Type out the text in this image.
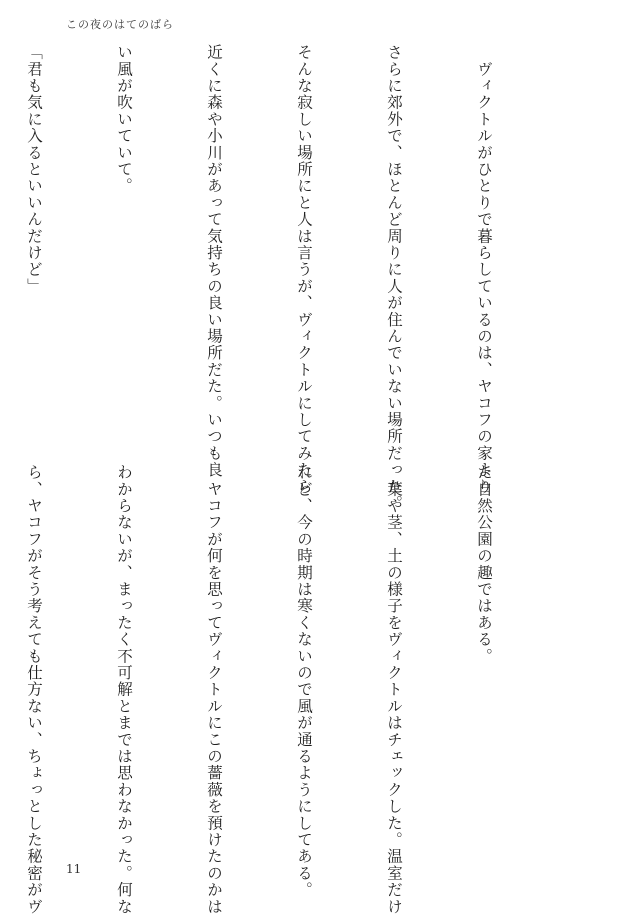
この夜のはてのばら

　ヴィクトルがひとりで暮らしているのは、ヤコフの家より

さらに郊外で、ほとんど周りに人が住んでいない場所だった。

そんな寂しい場所にと人は言うが、ヴィクトルにしてみたら

近くに森や小川があって気持ちの良い場所だた。いつも良

い風が吹いていて。

「君も気に入るといいんだけど」

た自然公園の趣ではある。

　葉や茎、土の様子をヴィクトルはチェックした。温室だけ

れど、今の時期は寒くないので風が通るようにしてある。

　ヤコフが何を思ってヴィクトルにこの薔薇を預けたのかは

わからないが、まったく不可解とまでは思わなかった。何な

ら、ヤコフがそう考えても仕方ない、ちょっとした秘密がヴ

	11
